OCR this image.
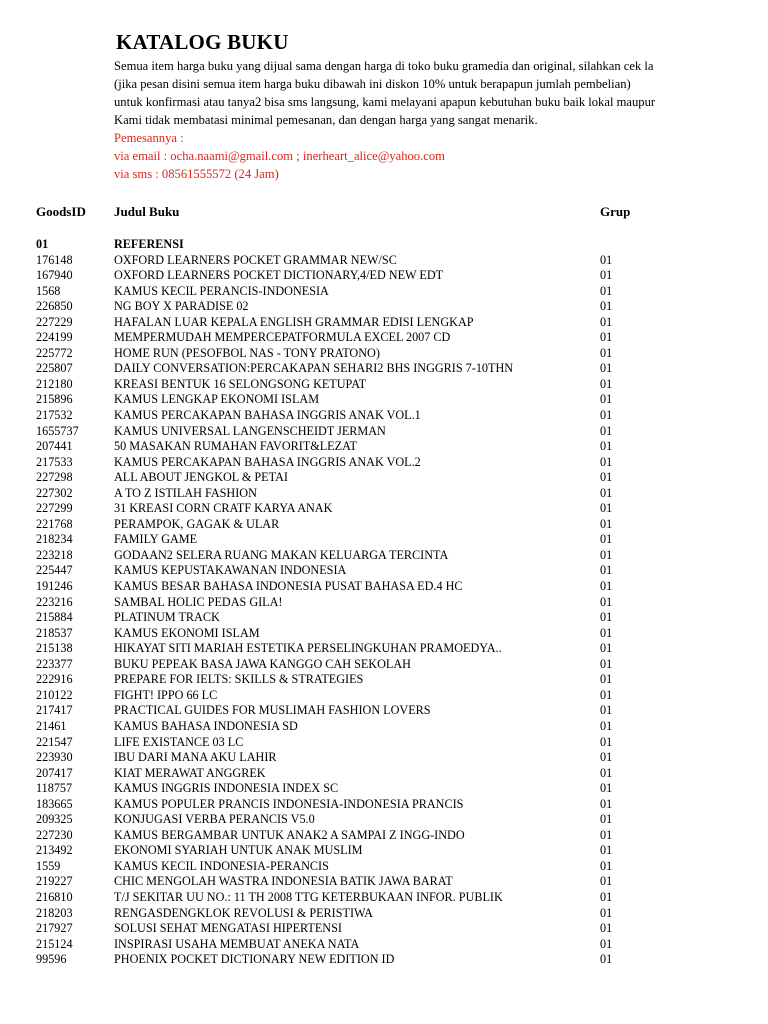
KATALOG BUKU
Semua item harga buku yang dijual sama dengan harga di toko buku gramedia dan original, silahkan cek la
(jika pesan disini semua item harga buku dibawah ini diskon 10% untuk berapapun jumlah pembelian)
untuk konfirmasi atau tanya2 bisa sms langsung, kami melayani apapun kebutuhan buku baik lokal maupur
Kami tidak membatasi minimal pemesanan, dan dengan harga yang sangat menarik.
Pemesannya :
via email : ocha.naami@gmail.com ; inerheart_alice@yahoo.com
via sms : 08561555572 (24 Jam)
GoodsID Judul Buku	Grup
01	REFERENSI
176148	OXFORD LEARNERS POCKET GRAMMAR NEW/SC	01
167940	OXFORD LEARNERS POCKET DICTIONARY,4/ED NEW EDT	01
1568	KAMUS KECIL PERANCIS-INDONESIA	01
226850	NG BOY X PARADISE 02	01
227229	HAFALAN LUAR KEPALA ENGLISH GRAMMAR EDISI LENGKAP	01
224199	MEMPERMUDAH MEMPERCEPATFORMULA EXCEL 2007 CD	01
225772	HOME RUN (PESOFBOL NAS - TONY PRATONO)	01
225807	DAILY CONVERSATION:PERCAKAPAN SEHARI2 BHS INGGRIS 7-10THN	01
212180	KREASI BENTUK 16 SELONGSONG KETUPAT	01
215896	KAMUS LENGKAP EKONOMI ISLAM	01
217532	KAMUS PERCAKAPAN BAHASA INGGRIS ANAK VOL.1	01
1655737	KAMUS UNIVERSAL LANGENSCHEIDT JERMAN	01
207441	50 MASAKAN RUMAHAN FAVORIT&LEZAT	01
217533	KAMUS PERCAKAPAN BAHASA INGGRIS ANAK VOL.2	01
227298	ALL ABOUT JENGKOL & PETAI	01
227302	A TO Z ISTILAH FASHION	01
227299	31 KREASI CORN CRATF KARYA ANAK	01
221768	PERAMPOK, GAGAK & ULAR	01
218234	FAMILY GAME	01
223218	GODAAN2 SELERA RUANG MAKAN KELUARGA TERCINTA	01
225447	KAMUS KEPUSTAKAWANAN INDONESIA	01
191246	KAMUS BESAR BAHASA INDONESIA PUSAT BAHASA ED.4 HC	01
223216	SAMBAL HOLIC PEDAS GILA!	01
215884	PLATINUM TRACK	01
218537	KAMUS EKONOMI ISLAM	01
215138	HIKAYAT SITI MARIAH ESTETIKA PERSELINGKUHAN PRAMOEDYA..	01
223377	BUKU PEPEAK BASA JAWA KANGGO CAH SEKOLAH	01
222916	PREPARE FOR IELTS: SKILLS & STRATEGIES	01
210122	FIGHT! IPPO 66 LC	01
217417	PRACTICAL GUIDES FOR MUSLIMAH FASHION LOVERS	01
21461	KAMUS BAHASA INDONESIA SD	01
221547	LIFE EXISTANCE 03 LC	01
223930	IBU DARI MANA AKU LAHIR	01
207417	KIAT MERAWAT ANGGREK	01
118757	KAMUS INGGRIS INDONESIA INDEX SC	01
183665	KAMUS POPULER PRANCIS INDONESIA-INDONESIA PRANCIS	01
209325	KONJUGASI VERBA PERANCIS V5.0	01
227230	KAMUS BERGAMBAR UNTUK ANAK2 A SAMPAI Z INGG-INDO	01
213492	EKONOMI SYARIAH UNTUK ANAK MUSLIM	01
1559	KAMUS KECIL INDONESIA-PERANCIS	01
219227	CHIC MENGOLAH WASTRA INDONESIA BATIK JAWA BARAT	01
216810	T/J SEKITAR UU NO.: 11 TH 2008 TTG KETERBUKAAN INFOR. PUBLIK	01
218203	RENGASDENGKLOK REVOLUSI & PERISTIWA	01
217927	SOLUSI SEHAT MENGATASI HIPERTENSI	01
215124	INSPIRASI USAHA MEMBUAT ANEKA NATA	01
99596	PHOENIX POCKET DICTIONARY NEW EDITION ID	01
